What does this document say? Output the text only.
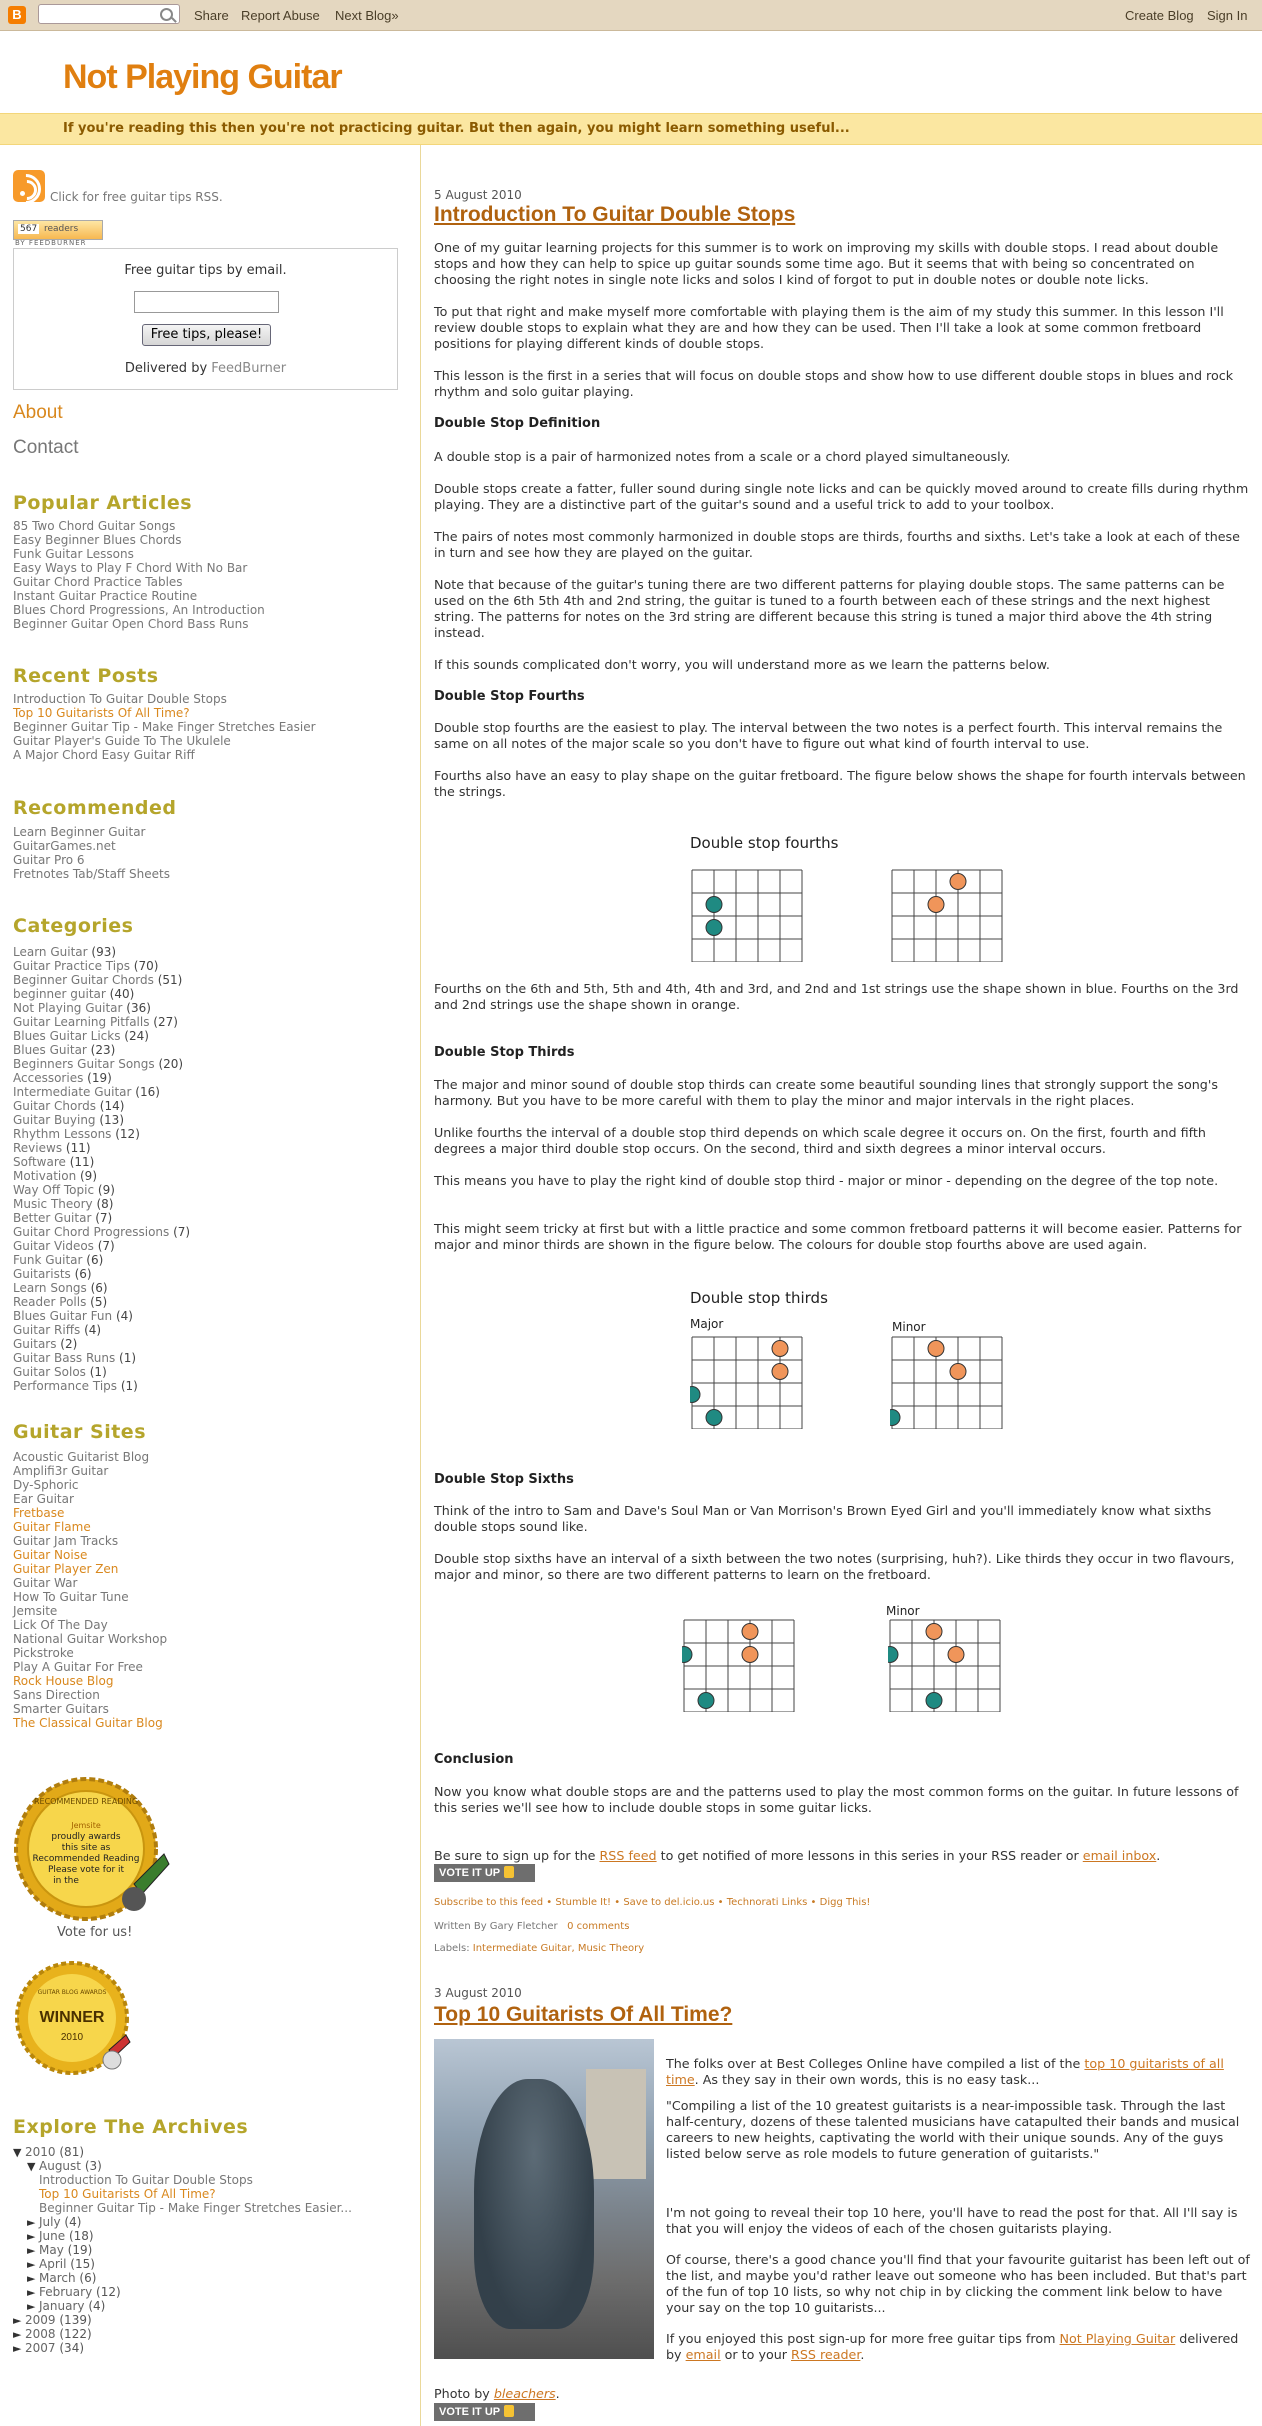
B	Share Report Abuse Next Blog»	Create Blog Sign In
Not Playing Guitar
If you're reading this then you're not practicing guitar. But then again, you might learn something useful...
Click for free guitar tips RSS.
567 readers
BY FEEDBURNER
Free guitar tips by email.
Free tips, please!
Delivered by FeedBurner
About
Contact
Popular Articles
85 Two Chord Guitar Songs
Easy Beginner Blues Chords
Funk Guitar Lessons
Easy Ways to Play F Chord With No Bar
Guitar Chord Practice Tables
Instant Guitar Practice Routine
Blues Chord Progressions, An Introduction
Beginner Guitar Open Chord Bass Runs
Recent Posts
Introduction To Guitar Double Stops
Top 10 Guitarists Of All Time?
Beginner Guitar Tip - Make Finger Stretches Easier
Guitar Player's Guide To The Ukulele
A Major Chord Easy Guitar Riff
Recommended
Learn Beginner Guitar
GuitarGames.net
Guitar Pro 6
Fretnotes Tab/Staff Sheets
Categories
Learn Guitar (93)
Guitar Practice Tips (70)
Beginner Guitar Chords (51)
beginner guitar (40)
Not Playing Guitar (36)
Guitar Learning Pitfalls (27)
Blues Guitar Licks (24)
Blues Guitar (23)
Beginners Guitar Songs (20)
Accessories (19)
Intermediate Guitar (16)
Guitar Chords (14)
Guitar Buying (13)
Rhythm Lessons (12)
Reviews (11)
Software (11)
Motivation (9)
Way Off Topic (9)
Music Theory (8)
Better Guitar (7)
Guitar Chord Progressions (7)
Guitar Videos (7)
Funk Guitar (6)
Guitarists (6)
Learn Songs (6)
Reader Polls (5)
Blues Guitar Fun (4)
Guitar Riffs (4)
Guitars (2)
Guitar Bass Runs (1)
Guitar Solos (1)
Performance Tips (1)
Guitar Sites
Acoustic Guitarist Blog
Amplifi3r Guitar
Dy-Sphoric
Ear Guitar
Fretbase
Guitar Flame
Guitar Jam Tracks
Guitar Noise
Guitar Player Zen
Guitar War
How To Guitar Tune
Jemsite
Lick Of The Day
National Guitar Workshop
Pickstroke
Play A Guitar For Free
Rock House Blog
Sans Direction
Smarter Guitars
The Classical Guitar Blog
RECOMMENDED READING
Jemsite
proudly awards
this site as
Recommended Reading
Please vote for it
in the
Vote for us!
GUITAR BLOG AWARDS
WINNER
2010
Explore The Archives
▼ 2010 (81)
▼ August (3)
Introduction To Guitar Double Stops
Top 10 Guitarists Of All Time?
Beginner Guitar Tip - Make Finger Stretches Easier...
► July (4)
► June (18)
► May (19)
► April (15)
► March (6)
► February (12)
► January (4)
► 2009 (139)
► 2008 (122)
► 2007 (34)
5 August 2010
Introduction To Guitar Double Stops

One of my guitar learning projects for this summer is to work on improving my skills with double stops. I read about double stops and how they can help to spice up guitar sounds some time ago. But it seems that with being so concentrated on choosing the right notes in single note licks and solos I kind of forgot to put in double notes or double note licks.

To put that right and make myself more comfortable with playing them is the aim of my study this summer. In this lesson I'll review double stops to explain what they are and how they can be used. Then I'll take a look at some common fretboard positions for playing different kinds of double stops.

This lesson is the first in a series that will focus on double stops and show how to use different double stops in blues and rock rhythm and solo guitar playing.

Double Stop Definition

A double stop is a pair of harmonized notes from a scale or a chord played simultaneously.

Double stops create a fatter, fuller sound during single note licks and can be quickly moved around to create fills during rhythm playing. They are a distinctive part of the guitar's sound and a useful trick to add to your toolbox.

The pairs of notes most commonly harmonized in double stops are thirds, fourths and sixths. Let's take a look at each of these in turn and see how they are played on the guitar.

Note that because of the guitar's tuning there are two different patterns for playing double stops. The same patterns can be used on the 6th 5th 4th and 2nd string, the guitar is tuned to a fourth between each of these strings and the next highest string. The patterns for notes on the 3rd string are different because this string is tuned a major third above the 4th string instead.

If this sounds complicated don't worry, you will understand more as we learn the patterns below.

Double Stop Fourths

Double stop fourths are the easiest to play. The interval between the two notes is a perfect fourth. This interval remains the same on all notes of the major scale so you don't have to figure out what kind of fourth interval to use.

Fourths also have an easy to play shape on the guitar fretboard. The figure below shows the shape for fourth intervals between the strings.

Double stop fourths

Fourths on the 6th and 5th, 5th and 4th, 4th and 3rd, and 2nd and 1st strings use the shape shown in blue. Fourths on the 3rd and 2nd strings use the shape shown in orange.

Double Stop Thirds

The major and minor sound of double stop thirds can create some beautiful sounding lines that strongly support the song's harmony. But you have to be more careful with them to play the minor and major intervals in the right places.

Unlike fourths the interval of a double stop third depends on which scale degree it occurs on. On the first, fourth and fifth degrees a major third double stop occurs. On the second, third and sixth degrees a minor interval occurs.

This means you have to play the right kind of double stop third - major or minor - depending on the degree of the top note.

This might seem tricky at first but with a little practice and some common fretboard patterns it will become easier. Patterns for major and minor thirds are shown in the figure below. The colours for double stop fourths above are used again.

Double stop thirds
Major	Minor
Double Stop Sixths

Think of the intro to Sam and Dave's Soul Man or Van Morrison's Brown Eyed Girl and you'll immediately know what sixths double stops sound like.

Double stop sixths have an interval of a sixth between the two notes (surprising, huh?). Like thirds they occur in two flavours, major and minor, so there are two different patterns to learn on the fretboard.

Minor
Conclusion

Now you know what double stops are and the patterns used to play the most common forms on the guitar. In future lessons of this series we'll see how to include double stops in some guitar licks.

Be sure to sign up for the RSS feed to get notified of more lessons in this series in your RSS reader or email inbox.

VOTE IT UP
Subscribe to this feed • Stumble It! • Save to del.icio.us • Technorati Links • Digg This!
Written By Gary Fletcher 0 comments
Labels: Intermediate Guitar, Music Theory
3 August 2010
Top 10 Guitarists Of All Time?

The folks over at Best Colleges Online have compiled a list of the top 10 guitarists of all time. As they say in their own words, this is no easy task...

"Compiling a list of the 10 greatest guitarists is a near-impossible task. Through the last half-century, dozens of these talented musicians have catapulted their bands and musical careers to new heights, captivating the world with their unique sounds. Any of the guys listed below serve as role models to future generation of guitarists."

I'm not going to reveal their top 10 here, you'll have to read the post for that. All I'll say is that you will enjoy the videos of each of the chosen guitarists playing.

Of course, there's a good chance you'll find that your favourite guitarist has been left out of the list, and maybe you'd rather leave out someone who has been included. But that's part of the fun of top 10 lists, so why not chip in by clicking the comment link below to have your say on the top 10 guitarists...

If you enjoyed this post sign-up for more free guitar tips from Not Playing Guitar delivered by email or to your RSS reader.

Photo by bleachers.

VOTE IT UP
